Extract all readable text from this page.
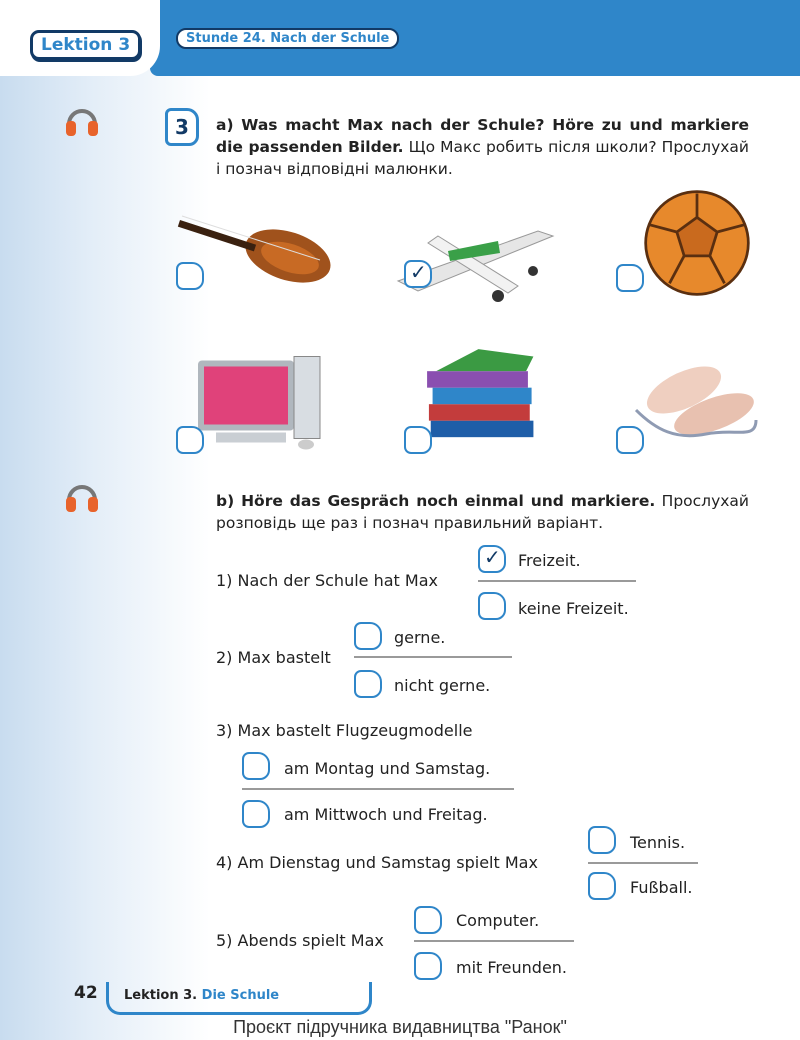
Lektion 3	Stunde 24. Nach der Schule
3	a) Was macht Max nach der Schule? Höre zu und markiere die passenden Bilder. Що Макс робить після школи? Прослухай і познач відповідні малюнки.
✓
b) Höre das Gespräch noch einmal und markiere. Прослухай розповідь ще раз і познач правильний варіант.
1) Nach der Schule hat Max
✓ Freizeit.
keine Freizeit.
2) Max bastelt
gerne.
nicht gerne.
3) Max bastelt Flugzeugmodelle
am Montag und Samstag.
am Mittwoch und Freitag.
4) Am Dienstag und Samstag spielt Max
Tennis.
Fußball.
5) Abends spielt Max
Computer.
mit Freunden.
42 Lektion 3. Die Schule
Проєкт підручника видавництва "Ранок"
